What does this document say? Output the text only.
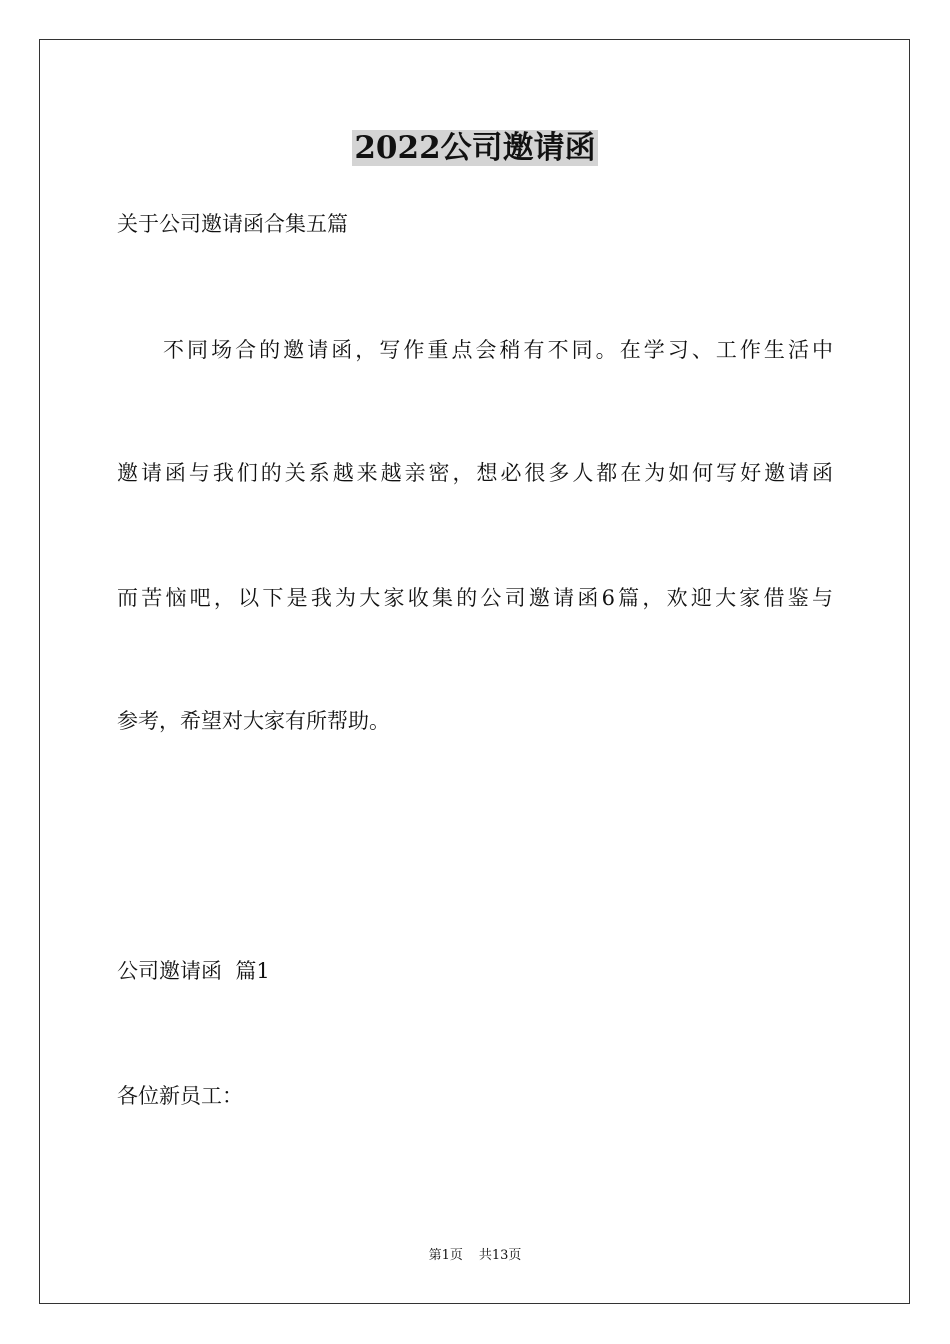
2022公司邀请函

关于公司邀请函合集五篇

不同场合的邀请函，写作重点会稍有不同。在学习、工作生活中

邀请函与我们的关系越来越亲密，想必很多人都在为如何写好邀请函

而苦恼吧，以下是我为大家收集的公司邀请函6篇，欢迎大家借鉴与

参考，希望对大家有所帮助。

公司邀请函  篇1

各位新员工：

第1页 共13页
